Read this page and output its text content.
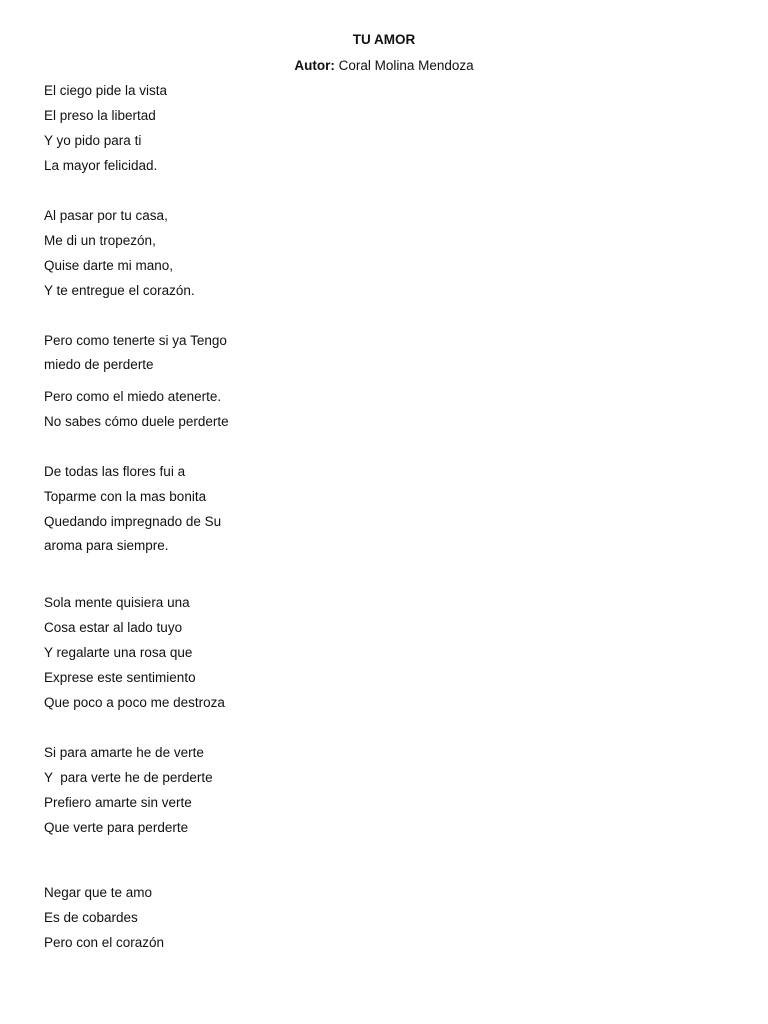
TU AMOR
Autor: Coral Molina Mendoza
El ciego pide la vista
El preso la libertad
Y yo pido para ti
La mayor felicidad.
Al pasar por tu casa,
Me di un tropezón,
Quise darte mi mano,
Y te entregue el corazón.
Pero como tenerte si ya Tengo
miedo de perderte
Pero como el miedo atenerte.
No sabes cómo duele perderte
De todas las flores fui a
Toparme con la mas bonita
Quedando impregnado de Su
aroma para siempre.
Sola mente quisiera una
Cosa estar al lado tuyo
Y regalarte una rosa que
Exprese este sentimiento
Que poco a poco me destroza
Si para amarte he de verte
Y  para verte he de perderte
Prefiero amarte sin verte
Que verte para perderte
Negar que te amo
Es de cobardes
Pero con el corazón
